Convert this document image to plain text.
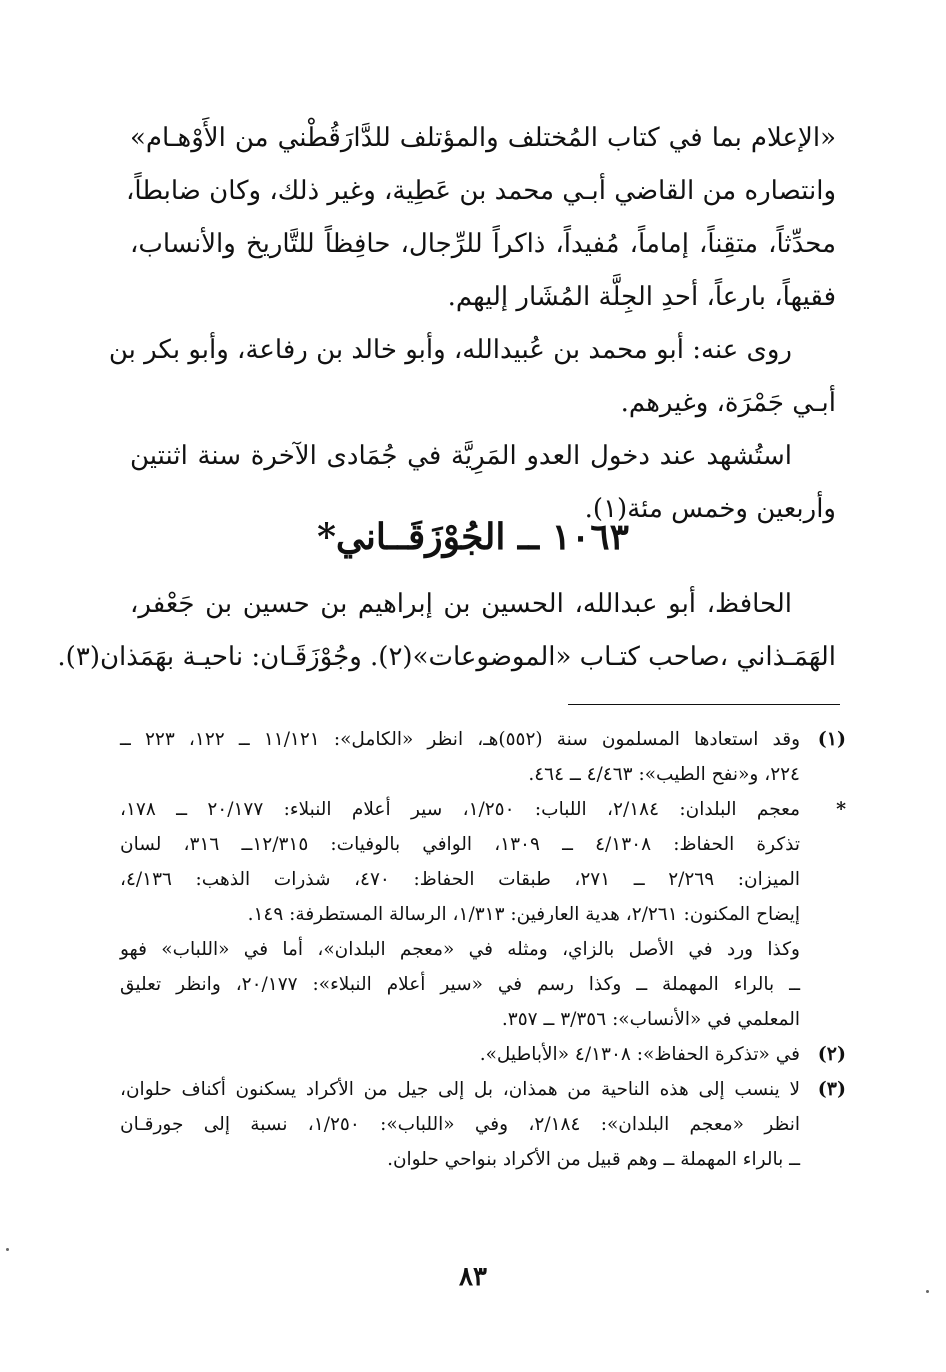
«الإعلام بما في كتاب المُختلف والمؤتلف للدَّارَقُطْني من الأَوْهـام»
وانتصاره من القاضي أبـي محمد بن عَطِية، وغير ذلك، وكان ضابطاً،
محدِّثاً، متقِناً، إماماً، مُفيداً، ذاكراً للرِّجال، حافِظاً للتَّاريخ والأنساب،
فقيهاً، بارعاً، أحدِ الجِلَّة المُشَار إليهم.
روى عنه: أبو محمد بن عُبيدالله، وأبو خالد بن رفاعة، وأبو بكر بن
أبـي جَمْرَة، وغيرهم.
استُشهد عند دخول العدو المَرِيَّة في جُمَادى الآخرة سنة اثنتين
وأربعين وخمس مئة(١).
١٠٦٣ ــ الجُوْزَقَــاني*
الحافظ، أبو عبدالله، الحسين بن إبراهيم بن حسين بن جَعْفر،
الهَمَـذاني ،صاحب كتـاب «الموضوعات»(٢). وجُوْزَقَـان: ناحيـة بهَمَذان(٣).
(١)
وقد استعادها المسلمون سنة (٥٥٢)هـ، انظر «الكامل»: ١١/١٢١ ــ ١٢٢، ٢٢٣ ــ
٢٢٤، و«نفح الطيب»: ٤/٤٦٣ ــ ٤٦٤.
*
معجم البلدان: ٢/١٨٤، اللباب: ١/٢٥٠، سير أعلام النبلاء: ٢٠/١٧٧ ــ ١٧٨،
تذكرة الحفاظ: ٤/١٣٠٨ ــ ١٣٠٩، الوافي بالوفيات: ١٢/٣١٥ــ ٣١٦، لسان
الميزان: ٢/٢٦٩ ــ ٢٧١، طبقات الحفاظ: ٤٧٠، شذرات الذهب: ٤/١٣٦،
إيضاح المكنون: ٢/٢٦١، هدية العارفين: ١/٣١٣، الرسالة المستطرفة: ١٤٩.
وكذا ورد في الأصل بالزاي، ومثله في «معجم البلدان»، أما في «اللباب» فهو
ــ بالراء المهملة ــ وكذا رسم في «سير أعلام النبلاء»: ٢٠/١٧٧، وانظر تعليق
المعلمي في «الأنساب»: ٣/٣٥٦ ــ ٣٥٧.
(٢)
في «تذكرة الحفاظ»: ٤/١٣٠٨ «الأباطيل».
(٣)
لا ينسب إلى هذه الناحية من همذان، بل إلى جيل من الأكراد يسكنون أكناف حلوان،
انظر «معجم البلدان»: ٢/١٨٤، وفي «اللباب»: ١/٢٥٠، نسبة إلى جورقـان
ــ بالراء المهملة ــ وهم قبيل من الأكراد بنواحي حلوان.
٨٣
